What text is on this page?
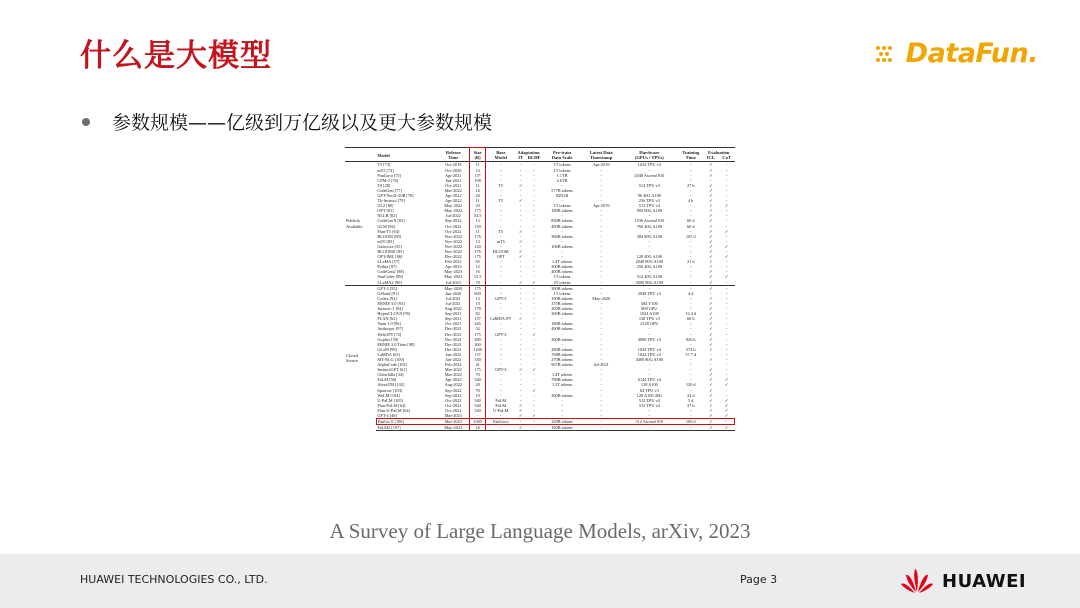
什么是大模型	DataFun.
参数规模——亿级到万亿级以及更大参数规模
	Model	Release	Size	Base	Adaptation		Pre-train	Latest Data	Hardware	Training	Evaluation	
		Time	(B)	Model	IT	RLHF	Data Scale	Timestamp	(GPUs / TPUs)	Time	ICL	CoT

Publicly
Available	T5 [73]	Oct-2019	11	-	-	-	1T tokens	Apr-2019	1024 TPU v3	-	✓	-
	mT5 [74]	Oct-2020	13	-	-	-	1T tokens	-	-	-	✓	-
	PanGu-α [75]	Apr-2021	13*	-	-	-	1.1TB	-	2048 Ascend 910	-	✓	-
	CPM-2 [76]	Jun-2021	198	-	-	-	2.6TB	-	-	-	-	-
	T0 [28]	Oct-2021	11	T5	✓	-	-	-	512 TPU v3	27 h	✓	-
	CodeGen [77]	Mar-2022	16	-	-	-	577B tokens	-	-	-	✓	-
	GPT-NeoX-20B [78]	Apr-2022	20	-	-	-	825GB	-	96 40G A100	-	✓	-
	Tk-Instruct [79]	Apr-2022	11	T5	✓	-	-	-	256 TPU v3	4 h	✓	-
	UL2 [80]	May-2022	20	-	-	-	1T tokens	Apr-2019	512 TPU v4	-	✓	✓
	OPT [81]	May-2022	175	-	-	-	180B tokens	-	992 80G A100	-	✓	-
	NLLB [82]	Jul-2022	54.5	-	-	-	-	-	-	-	✓	-
	CodeGeeX [83]	Sep-2022	13	-	-	-	850B tokens	-	1536 Ascend 910	60 d	✓	-
	GLM [84]	Oct-2022	130	-	-	-	400B tokens	-	768 40G A100	60 d	✓	-
	Flan-T5 [64]	Oct-2022	11	T5	✓	-	-	-	-	-	✓	✓
	BLOOM [69]	Nov-2022	176	-	-	-	366B tokens	-	384 80G A100	105 d	✓	-
	mT0 [85]	Nov-2022	13	mT5	✓	-	-	-	-	-	✓	-
	Galactica [35]	Nov-2022	120	-	-	-	106B tokens	-	-	-	✓	✓
	BLOOMZ [85]	Nov-2022	176	BLOOM	✓	-	-	-	-	-	✓	-
	OPT-IML [86]	Dec-2022	175	OPT	✓	-	-	-	128 40G A100	-	✓	✓
	LLaMA [57]	Feb-2023	65	-	-	-	1.4T tokens	-	2048 80G A100	21 d	✓	-
	Pythia [87]	Apr-2023	12	-	-	-	300B tokens	-	256 40G A100	-	✓	-
	CodeGen2 [88]	May-2023	16	-	-	-	400B tokens	-	-	-	✓	-
	StarCoder [89]	May-2023	15.5	-	-	-	1T tokens	-	512 40G A100	-	✓	✓
	LLaMA2 [90]	Jul-2023	70	-	✓	✓	2T tokens	-	2000 80G A100	-	✓	-

Closed
Source	GPT-3 [55]	May-2020	175	-	-	-	300B tokens	-	-	-	✓	-
	GShard [91]	Jun-2020	600	-	-	-	1T tokens	-	2048 TPU v3	4 d	-	-
	Codex [92]	Jul-2021	12	GPT-3	-	-	100B tokens	May-2020	-	-	✓	-
	ERNIE 3.0 [93]	Jul-2021	10	-	-	-	375B tokens	-	384 V100	-	✓	-
	Jurassic-1 [94]	Aug-2021	178	-	-	-	300B tokens	-	800 GPU	-	✓	-
	HyperCLOVA [95]	Sep-2021	82	-	-	-	300B tokens	-	1024 A100	13.4 d	✓	-
	FLAN [62]	Sep-2021	137	LaMDA-PT	✓	-	-	-	128 TPU v3	60 h	✓	-
	Yuan 1.0 [96]	Oct-2021	245	-	-	-	180B tokens	-	2128 GPU	-	✓	-
	Anthropic [97]	Dec-2021	52	-	-	-	400B tokens	-	-	-	✓	-
	WebGPT [72]	Dec-2021	175	GPT-3	-	✓	-	-	-	-	✓	-
	Gopher [59]	Dec-2021	280	-	-	-	300B tokens	-	4096 TPU v3	920 h	✓	-
	ERNIE 3.0 Titan [98]	Dec-2021	260	-	-	-	-	-	-	-	✓	-
	GLaM [99]	Dec-2021	1200	-	-	-	280B tokens	-	1024 TPU v4	574 h	✓	-
	LaMDA [63]	Jan-2022	137	-	-	-	768B tokens	-	1024 TPU v3	57.7 d	-	-
	MT-NLG [100]	Jan-2022	530	-	-	-	270B tokens	-	4480 80G A100	-	✓	-
	AlphaCode [101]	Feb-2022	41	-	-	-	967B tokens	Jul-2021	-	-	-	-
	InstructGPT [61]	Mar-2022	175	GPT-3	✓	✓	-	-	-	-	✓	-
	Chinchilla [34]	Mar-2022	70	-	-	-	1.4T tokens	-	-	-	✓	-
	PaLM [56]	Apr-2022	540	-	-	-	780B tokens	-	6144 TPU v4	-	✓	✓
	AlexaTM [102]	Aug-2022	20	-	-	-	1.3T tokens	-	128 A100	120 d	✓	✓
	Sparrow [103]	Sep-2022	70	-	-	✓	-	-	64 TPU v3	-	✓	-
	WeLM [104]	Sep-2022	10	-	-	-	300B tokens	-	128 A100 40G	24 d	✓	-
	U-PaLM [105]	Oct-2022	540	PaLM	-	-	-	-	512 TPU v4	5 d	✓	✓
	Flan-PaLM [64]	Oct-2022	540	PaLM	✓	-	-	-	512 TPU v4	37 h	✓	✓
	Flan-U-PaLM [64]	Oct-2022	540	U-PaLM	✓	-	-	-	-	-	✓	✓
	GPT-4 [46]	Mar-2023	-	-	✓	✓	-	-	-	-	✓	✓
	PanGu-Σ [106]	Mar-2023	1085	PanGu-α	-	-	329B tokens	-	512 Ascend 910	100 d	✓	-
	PaLM2 [107]	May-2023	16	-	✓	-	100B tokens	-	-	-	✓	✓
A Survey of Large Language Models, arXiv, 2023
HUAWEI TECHNOLOGIES CO., LTD.	Page 3	HUAWEI
